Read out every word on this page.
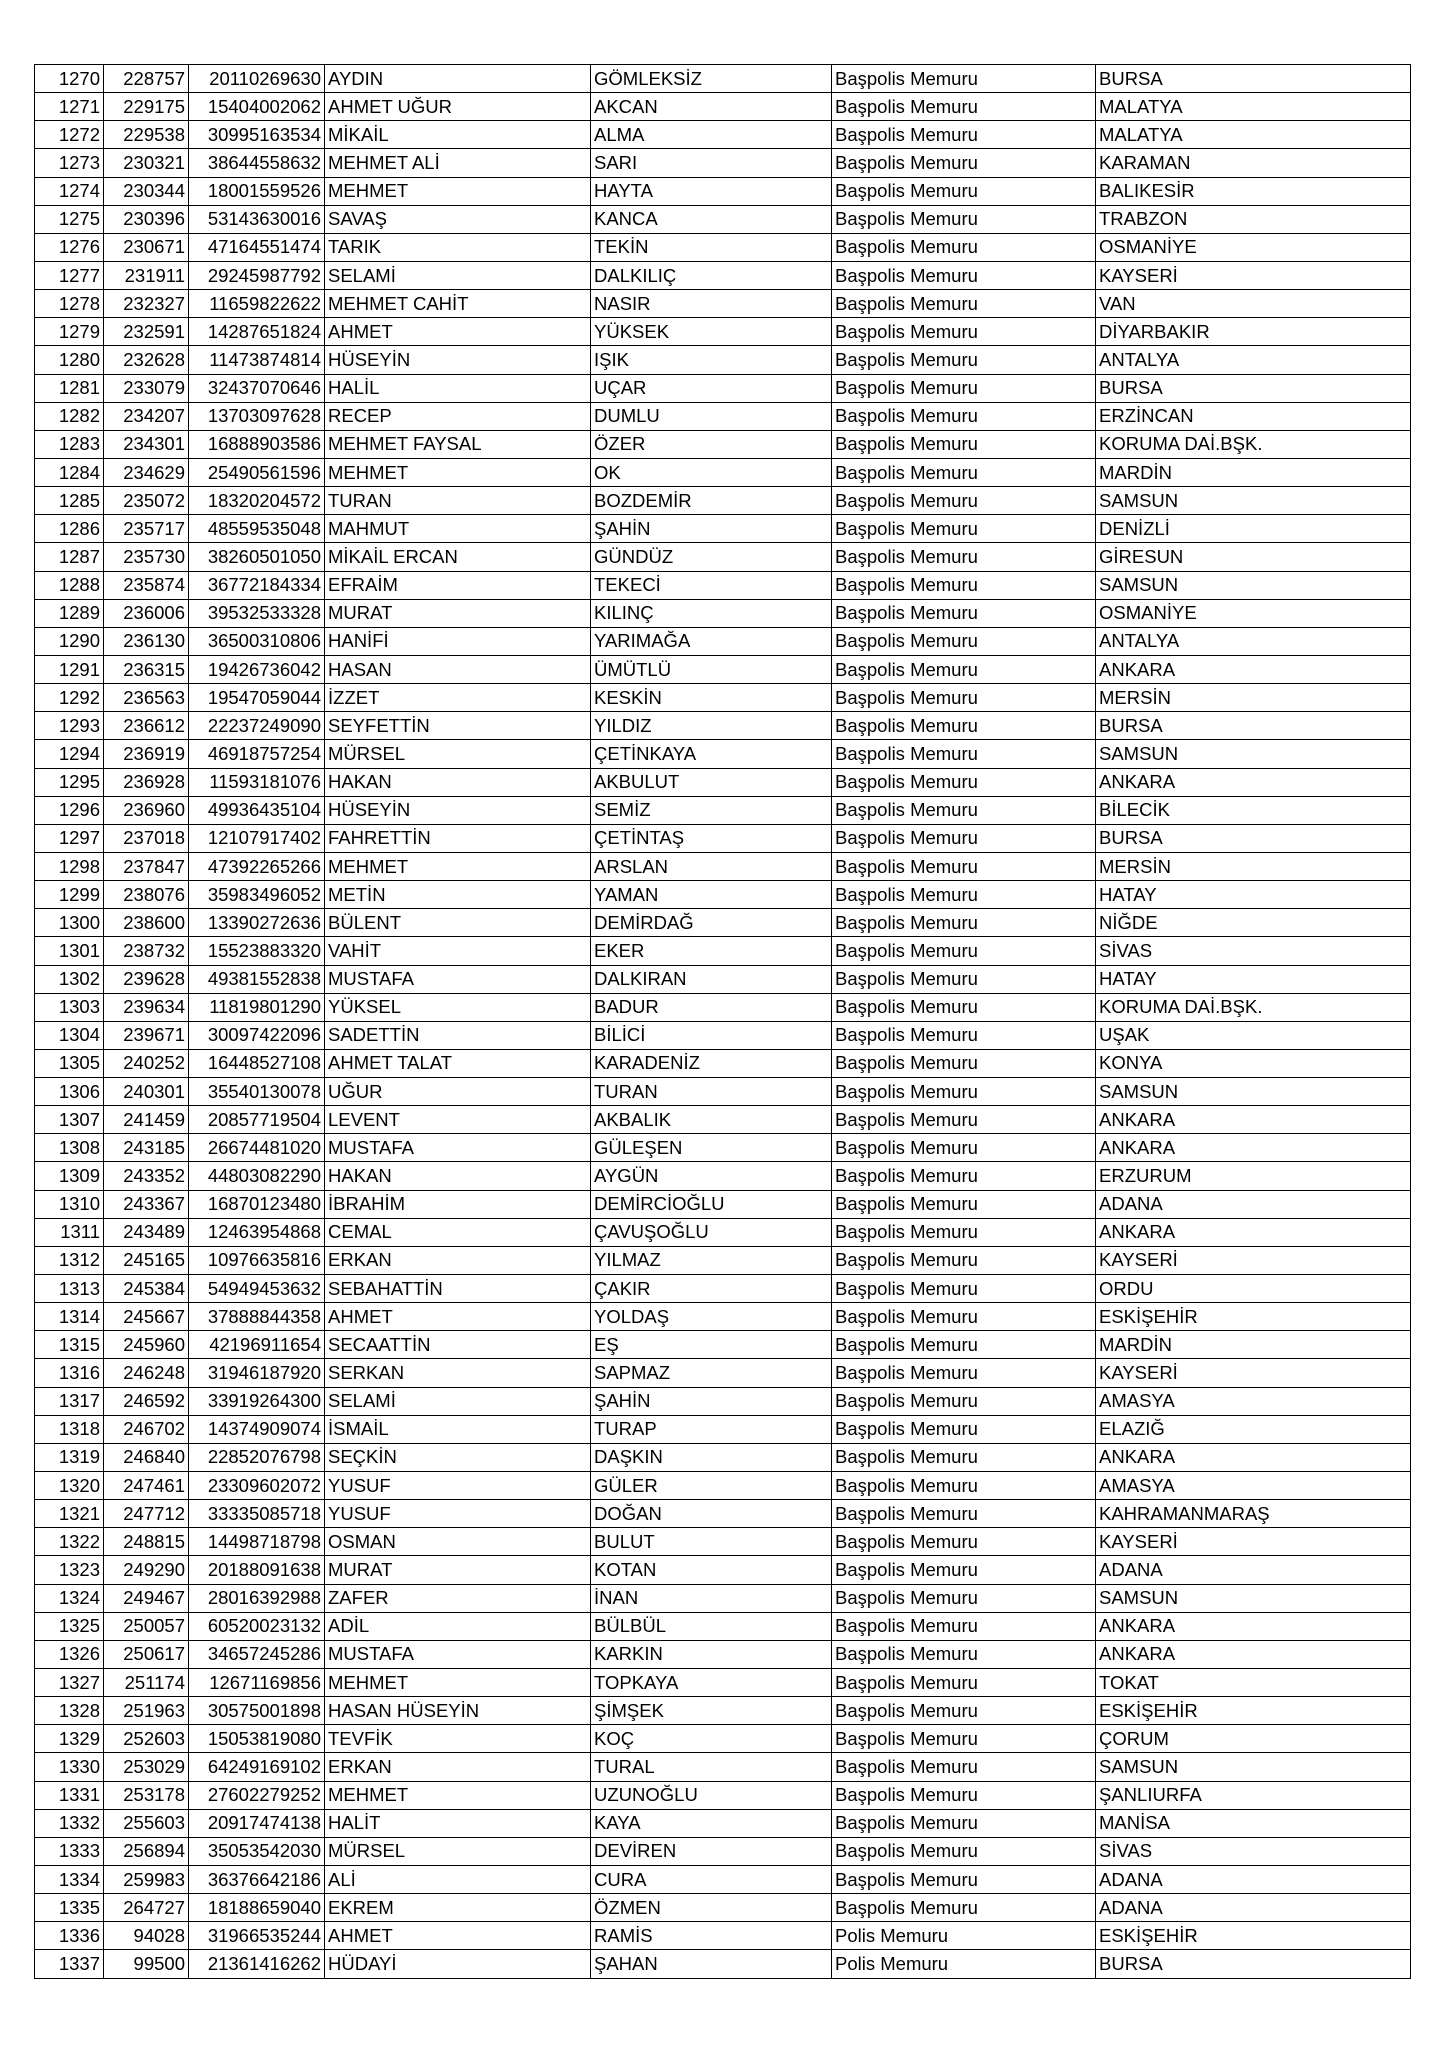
1270	228757	20110269630	AYDIN	GÖMLEKSİZ	Başpolis Memuru	BURSA
1271	229175	15404002062	AHMET UĞUR	AKCAN	Başpolis Memuru	MALATYA
1272	229538	30995163534	MİKAİL	ALMA	Başpolis Memuru	MALATYA
1273	230321	38644558632	MEHMET ALİ	SARI	Başpolis Memuru	KARAMAN
1274	230344	18001559526	MEHMET	HAYTA	Başpolis Memuru	BALIKESİR
1275	230396	53143630016	SAVAŞ	KANCA	Başpolis Memuru	TRABZON
1276	230671	47164551474	TARIK	TEKİN	Başpolis Memuru	OSMANİYE
1277	231911	29245987792	SELAMİ	DALKILIÇ	Başpolis Memuru	KAYSERİ
1278	232327	11659822622	MEHMET CAHİT	NASIR	Başpolis Memuru	VAN
1279	232591	14287651824	AHMET	YÜKSEK	Başpolis Memuru	DİYARBAKIR
1280	232628	11473874814	HÜSEYİN	IŞIK	Başpolis Memuru	ANTALYA
1281	233079	32437070646	HALİL	UÇAR	Başpolis Memuru	BURSA
1282	234207	13703097628	RECEP	DUMLU	Başpolis Memuru	ERZİNCAN
1283	234301	16888903586	MEHMET FAYSAL	ÖZER	Başpolis Memuru	KORUMA DAİ.BŞK.
1284	234629	25490561596	MEHMET	OK	Başpolis Memuru	MARDİN
1285	235072	18320204572	TURAN	BOZDEMİR	Başpolis Memuru	SAMSUN
1286	235717	48559535048	MAHMUT	ŞAHİN	Başpolis Memuru	DENİZLİ
1287	235730	38260501050	MİKAİL ERCAN	GÜNDÜZ	Başpolis Memuru	GİRESUN
1288	235874	36772184334	EFRAİM	TEKECİ	Başpolis Memuru	SAMSUN
1289	236006	39532533328	MURAT	KILINÇ	Başpolis Memuru	OSMANİYE
1290	236130	36500310806	HANİFİ	YARIMAĞA	Başpolis Memuru	ANTALYA
1291	236315	19426736042	HASAN	ÜMÜTLÜ	Başpolis Memuru	ANKARA
1292	236563	19547059044	İZZET	KESKİN	Başpolis Memuru	MERSİN
1293	236612	22237249090	SEYFETTİN	YILDIZ	Başpolis Memuru	BURSA
1294	236919	46918757254	MÜRSEL	ÇETİNKAYA	Başpolis Memuru	SAMSUN
1295	236928	11593181076	HAKAN	AKBULUT	Başpolis Memuru	ANKARA
1296	236960	49936435104	HÜSEYİN	SEMİZ	Başpolis Memuru	BİLECİK
1297	237018	12107917402	FAHRETTİN	ÇETİNTAŞ	Başpolis Memuru	BURSA
1298	237847	47392265266	MEHMET	ARSLAN	Başpolis Memuru	MERSİN
1299	238076	35983496052	METİN	YAMAN	Başpolis Memuru	HATAY
1300	238600	13390272636	BÜLENT	DEMİRDAĞ	Başpolis Memuru	NİĞDE
1301	238732	15523883320	VAHİT	EKER	Başpolis Memuru	SİVAS
1302	239628	49381552838	MUSTAFA	DALKIRAN	Başpolis Memuru	HATAY
1303	239634	11819801290	YÜKSEL	BADUR	Başpolis Memuru	KORUMA DAİ.BŞK.
1304	239671	30097422096	SADETTİN	BİLİCİ	Başpolis Memuru	UŞAK
1305	240252	16448527108	AHMET TALAT	KARADENİZ	Başpolis Memuru	KONYA
1306	240301	35540130078	UĞUR	TURAN	Başpolis Memuru	SAMSUN
1307	241459	20857719504	LEVENT	AKBALIK	Başpolis Memuru	ANKARA
1308	243185	26674481020	MUSTAFA	GÜLEŞEN	Başpolis Memuru	ANKARA
1309	243352	44803082290	HAKAN	AYGÜN	Başpolis Memuru	ERZURUM
1310	243367	16870123480	İBRAHİM	DEMİRCİOĞLU	Başpolis Memuru	ADANA
1311	243489	12463954868	CEMAL	ÇAVUŞOĞLU	Başpolis Memuru	ANKARA
1312	245165	10976635816	ERKAN	YILMAZ	Başpolis Memuru	KAYSERİ
1313	245384	54949453632	SEBAHATTİN	ÇAKIR	Başpolis Memuru	ORDU
1314	245667	37888844358	AHMET	YOLDAŞ	Başpolis Memuru	ESKİŞEHİR
1315	245960	42196911654	SECAATTİN	EŞ	Başpolis Memuru	MARDİN
1316	246248	31946187920	SERKAN	SAPMAZ	Başpolis Memuru	KAYSERİ
1317	246592	33919264300	SELAMİ	ŞAHİN	Başpolis Memuru	AMASYA
1318	246702	14374909074	İSMAİL	TURAP	Başpolis Memuru	ELAZIĞ
1319	246840	22852076798	SEÇKİN	DAŞKIN	Başpolis Memuru	ANKARA
1320	247461	23309602072	YUSUF	GÜLER	Başpolis Memuru	AMASYA
1321	247712	33335085718	YUSUF	DOĞAN	Başpolis Memuru	KAHRAMANMARAŞ
1322	248815	14498718798	OSMAN	BULUT	Başpolis Memuru	KAYSERİ
1323	249290	20188091638	MURAT	KOTAN	Başpolis Memuru	ADANA
1324	249467	28016392988	ZAFER	İNAN	Başpolis Memuru	SAMSUN
1325	250057	60520023132	ADİL	BÜLBÜL	Başpolis Memuru	ANKARA
1326	250617	34657245286	MUSTAFA	KARKIN	Başpolis Memuru	ANKARA
1327	251174	12671169856	MEHMET	TOPKAYA	Başpolis Memuru	TOKAT
1328	251963	30575001898	HASAN HÜSEYİN	ŞİMŞEK	Başpolis Memuru	ESKİŞEHİR
1329	252603	15053819080	TEVFİK	KOÇ	Başpolis Memuru	ÇORUM
1330	253029	64249169102	ERKAN	TURAL	Başpolis Memuru	SAMSUN
1331	253178	27602279252	MEHMET	UZUNOĞLU	Başpolis Memuru	ŞANLIURFA
1332	255603	20917474138	HALİT	KAYA	Başpolis Memuru	MANİSA
1333	256894	35053542030	MÜRSEL	DEVİREN	Başpolis Memuru	SİVAS
1334	259983	36376642186	ALİ	CURA	Başpolis Memuru	ADANA
1335	264727	18188659040	EKREM	ÖZMEN	Başpolis Memuru	ADANA
1336	94028	31966535244	AHMET	RAMİS	Polis Memuru	ESKİŞEHİR
1337	99500	21361416262	HÜDAYİ	ŞAHAN	Polis Memuru	BURSA
